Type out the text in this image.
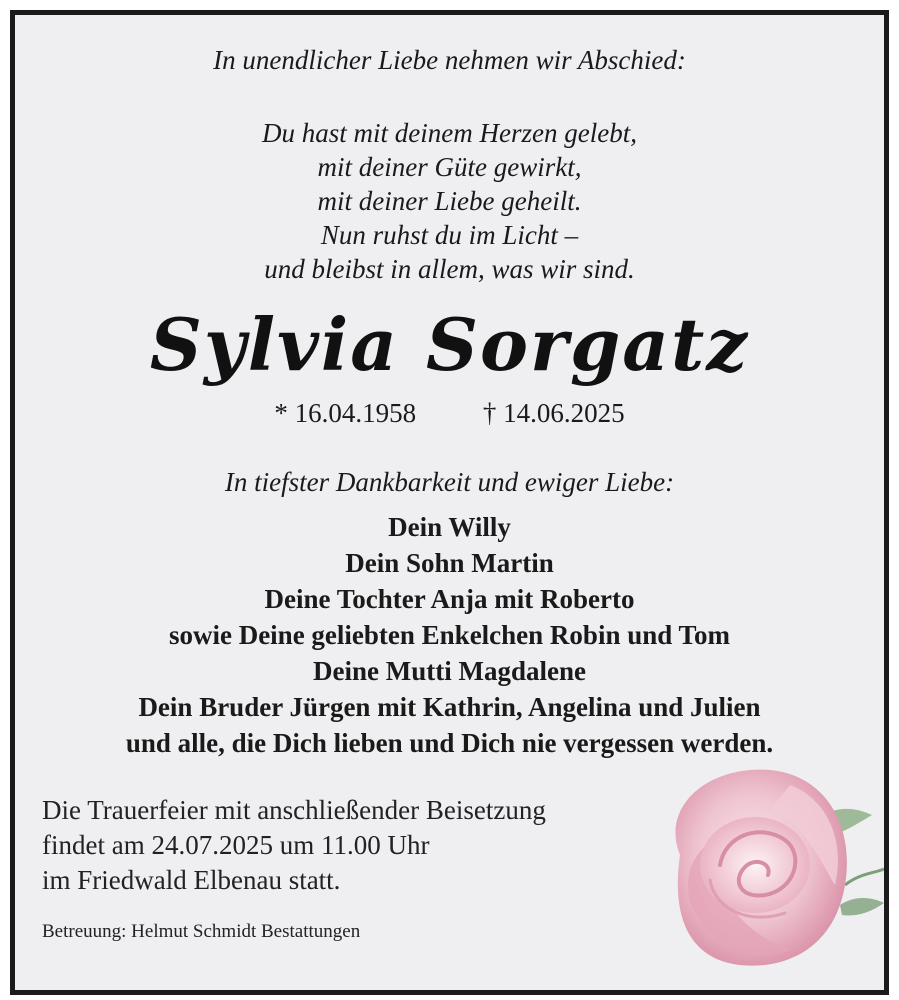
In unendlicher Liebe nehmen wir Abschied:
Du hast mit deinem Herzen gelebt,
mit deiner Güte gewirkt,
mit deiner Liebe geheilt.
Nun ruhst du im Licht –
und bleibst in allem, was wir sind.
Sylvia Sorgatz
* 16.04.1958 † 14.06.2025
In tiefster Dankbarkeit und ewiger Liebe:
Dein Willy
Dein Sohn Martin
Deine Tochter Anja mit Roberto
sowie Deine geliebten Enkelchen Robin und Tom
Deine Mutti Magdalene
Dein Bruder Jürgen mit Kathrin, Angelina und Julien
und alle, die Dich lieben und Dich nie vergessen werden.
Die Trauerfeier mit anschließender Beisetzung
findet am 24.07.2025 um 11.00 Uhr
im Friedwald Elbenau statt.
Betreuung: Helmut Schmidt Bestattungen
